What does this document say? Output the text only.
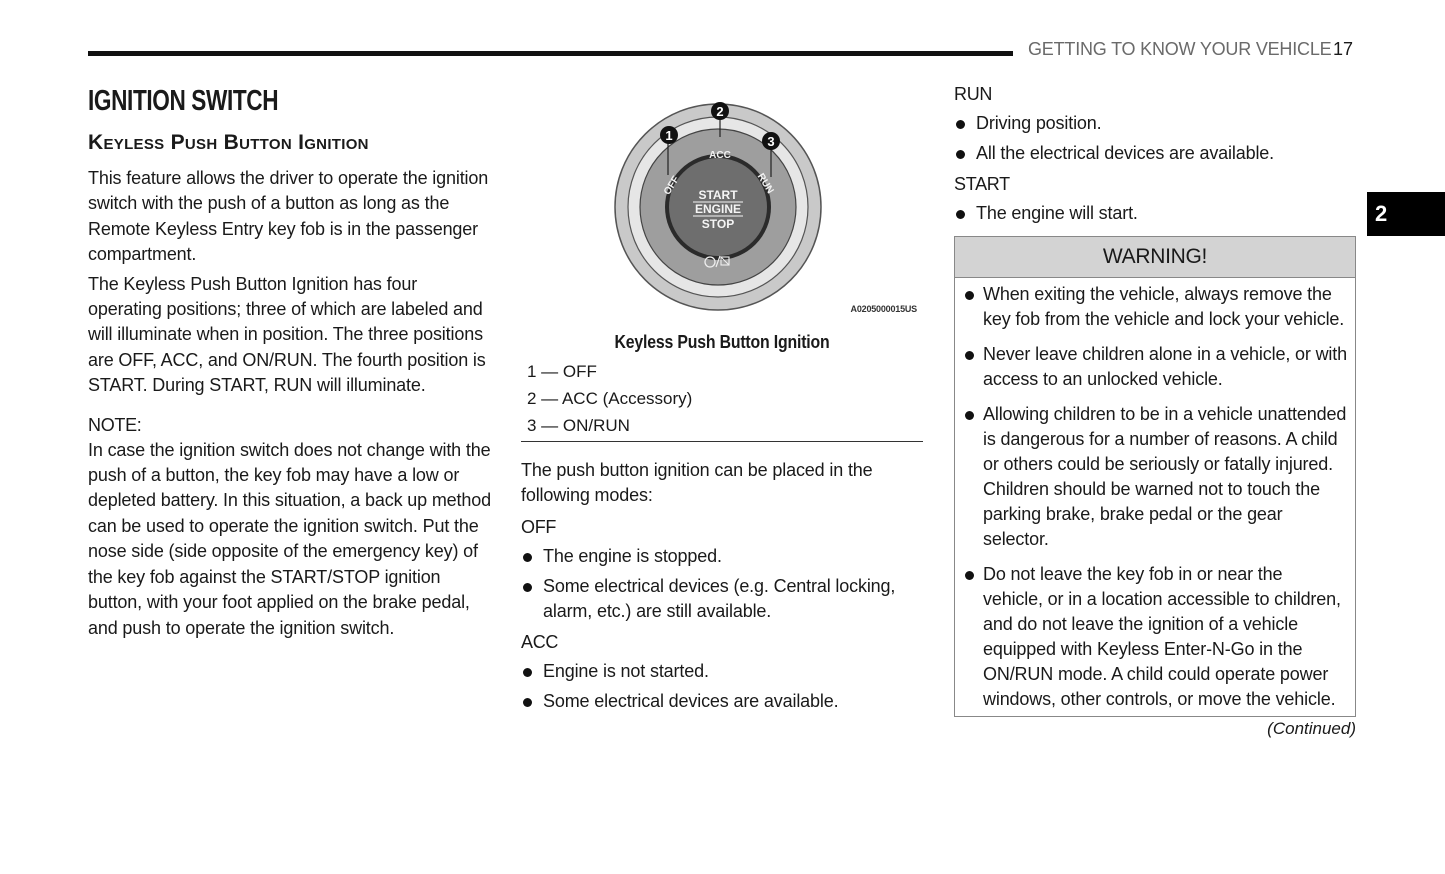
GETTING TO KNOW YOUR VEHICLE 17
2
IGNITION SWITCH
Keyless Push Button Ignition

This feature allows the driver to operate the ignition switch with the push of a button as long as the Remote Keyless Entry key fob is in the passenger compartment.

The Keyless Push Button Ignition has four operating positions; three of which are labeled and will illuminate when in position. The three positions are OFF, ACC, and ON/RUN. The fourth position is START. During START, RUN will illuminate.

NOTE:

In case the ignition switch does not change with the push of a button, the key fob may have a low or depleted battery. In this situation, a back up method can be used to operate the ignition switch. Put the nose side (side opposite of the emergency key) of the key fob against the START/STOP ignition button, with your foot applied on the brake pedal, and push to operate the ignition switch.

1
2
3
ACC
OFF	RUN
START
ENGINE
STOP
A0205000015US
Keyless Push Button Ignition
1 — OFF
2 — ACC (Accessory)
3 — ON/RUN

The push button ignition can be placed in the following modes:

OFF
The engine is stopped.
Some electrical devices (e.g. Central locking, alarm, etc.) are still available.
ACC
Engine is not started.
Some electrical devices are available.
RUN
Driving position.
All the electrical devices are available.
START
The engine will start.
WARNING!
When exiting the vehicle, always remove the key fob from the vehicle and lock your vehicle.
Never leave children alone in a vehicle, or with access to an unlocked vehicle.
Allowing children to be in a vehicle unattended is dangerous for a number of reasons. A child or others could be seriously or fatally injured. Children should be warned not to touch the parking brake, brake pedal or the gear selector.
Do not leave the key fob in or near the vehicle, or in a location accessible to children, and do not leave the ignition of a vehicle equipped with Keyless Enter-N-Go in the ON/RUN mode. A child could operate power windows, other controls, or move the vehicle.
(Continued)
